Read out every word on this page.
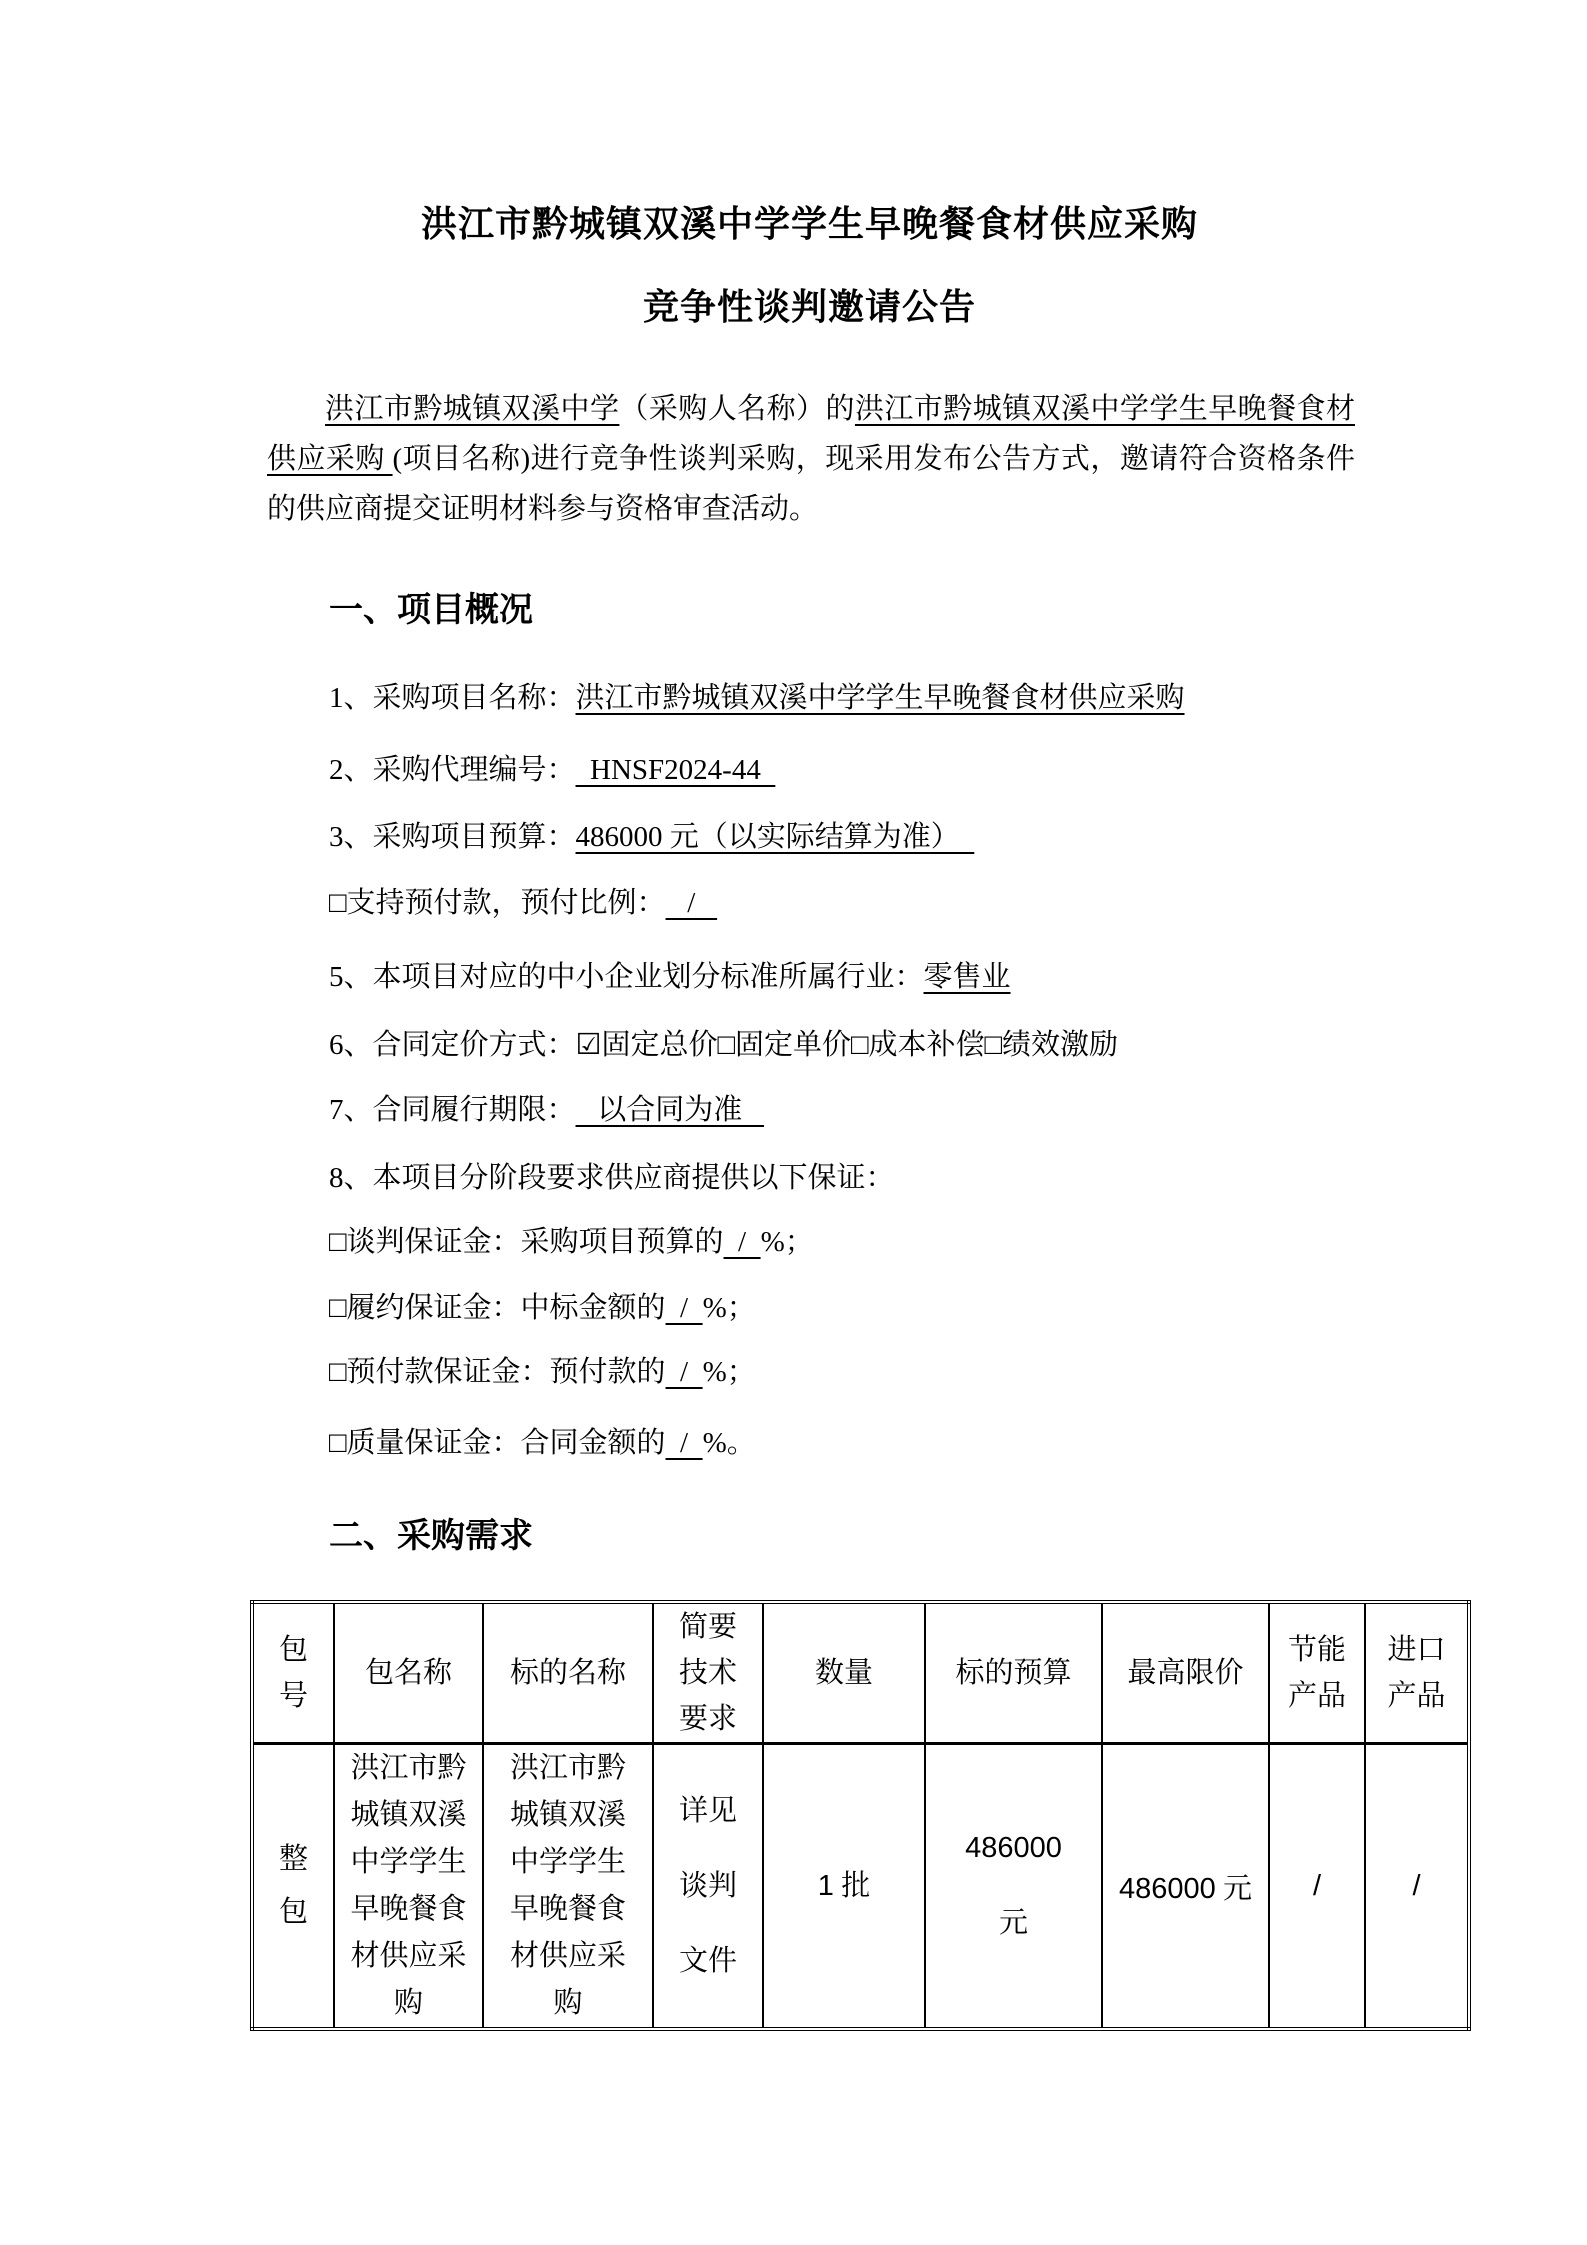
洪江市黔城镇双溪中学学生早晚餐食材供应采购
竞争性谈判邀请公告
洪江市黔城镇双溪中学（采购人名称）的洪江市黔城镇双溪中学学生早晚餐食材供应采购 (项目名称)进行竞争性谈判采购，现采用发布公告方式，邀请符合资格条件的供应商提交证明材料参与资格审查活动。
一、项目概况
1、采购项目名称：洪江市黔城镇双溪中学学生早晚餐食材供应采购
2、采购代理编号：  HNSF2024-44
3、采购项目预算：486000 元（以实际结算为准）
□支持预付款，预付比例：   /
5、本项目对应的中小企业划分标准所属行业：零售业
6、合同定价方式：☑固定总价□固定单价□成本补偿□绩效激励
7、合同履行期限：   以合同为准
8、本项目分阶段要求供应商提供以下保证：
□谈判保证金：采购项目预算的  /  %；
□履约保证金：中标金额的  /  %；
□预付款保证金：预付款的  /  %；
□质量保证金：合同金额的  /  %。
二、采购需求
包号	包名称	标的名称	简要技术要求	数量	标的预算	最高限价	节能产品	进口产品
整包	洪江市黔城镇双溪中学学生早晚餐食材供应采购	洪江市黔城镇双溪中学学生早晚餐食材供应采购	详见谈判文件	1 批	486000
元	486000 元	/	/
